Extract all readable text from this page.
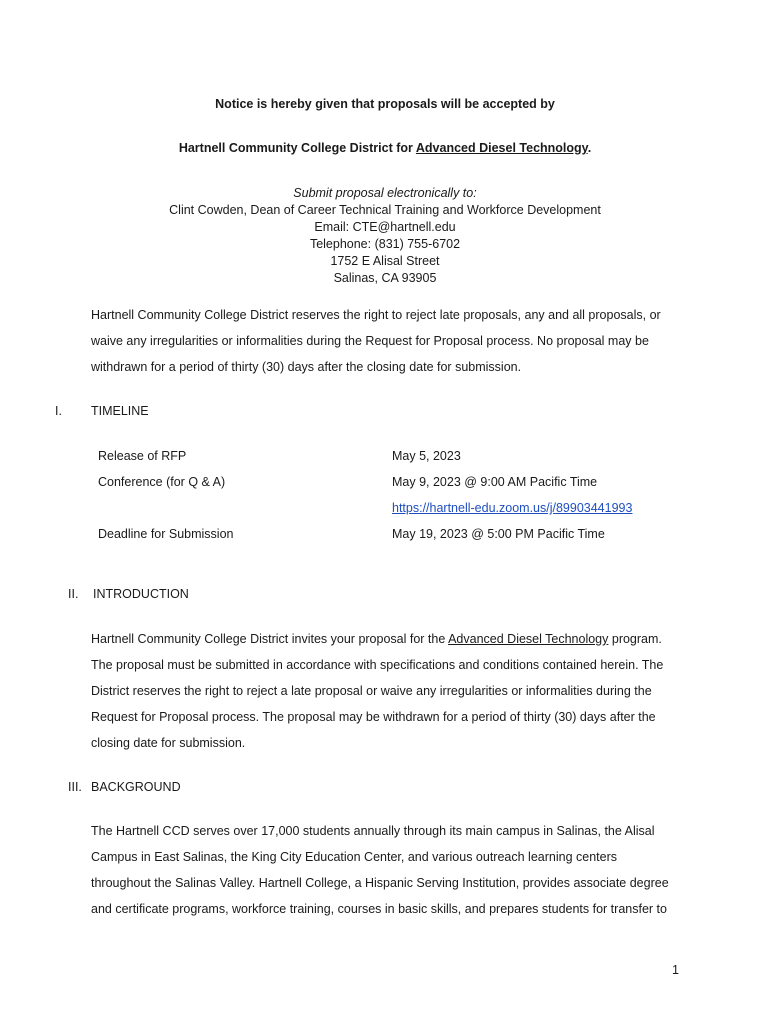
Notice is hereby given that proposals will be accepted by
Hartnell Community College District for Advanced Diesel Technology.
Submit proposal electronically to:
Clint Cowden, Dean of Career Technical Training and Workforce Development
Email: CTE@hartnell.edu
Telephone: (831) 755-6702
1752 E Alisal Street
Salinas, CA 93905
Hartnell Community College District reserves the right to reject late proposals, any and all proposals, or
waive any irregularities or informalities during the Request for Proposal process. No proposal may be
withdrawn for a period of thirty (30) days after the closing date for submission.
I. TIMELINE
Release of RFP	May 5, 2023
Conference (for Q & A)	May 9, 2023 @ 9:00 AM Pacific Time
https://hartnell-edu.zoom.us/j/89903441993
Deadline for Submission	May 19, 2023 @ 5:00 PM Pacific Time
II. INTRODUCTION
Hartnell Community College District invites your proposal for the Advanced Diesel Technology program.
The proposal must be submitted in accordance with specifications and conditions contained herein. The
District reserves the right to reject a late proposal or waive any irregularities or informalities during the
Request for Proposal process. The proposal may be withdrawn for a period of thirty (30) days after the
closing date for submission.
III. BACKGROUND
The Hartnell CCD serves over 17,000 students annually through its main campus in Salinas, the Alisal
Campus in East Salinas, the King City Education Center, and various outreach learning centers
throughout the Salinas Valley. Hartnell College, a Hispanic Serving Institution, provides associate degree
and certificate programs, workforce training, courses in basic skills, and prepares students for transfer to
1
